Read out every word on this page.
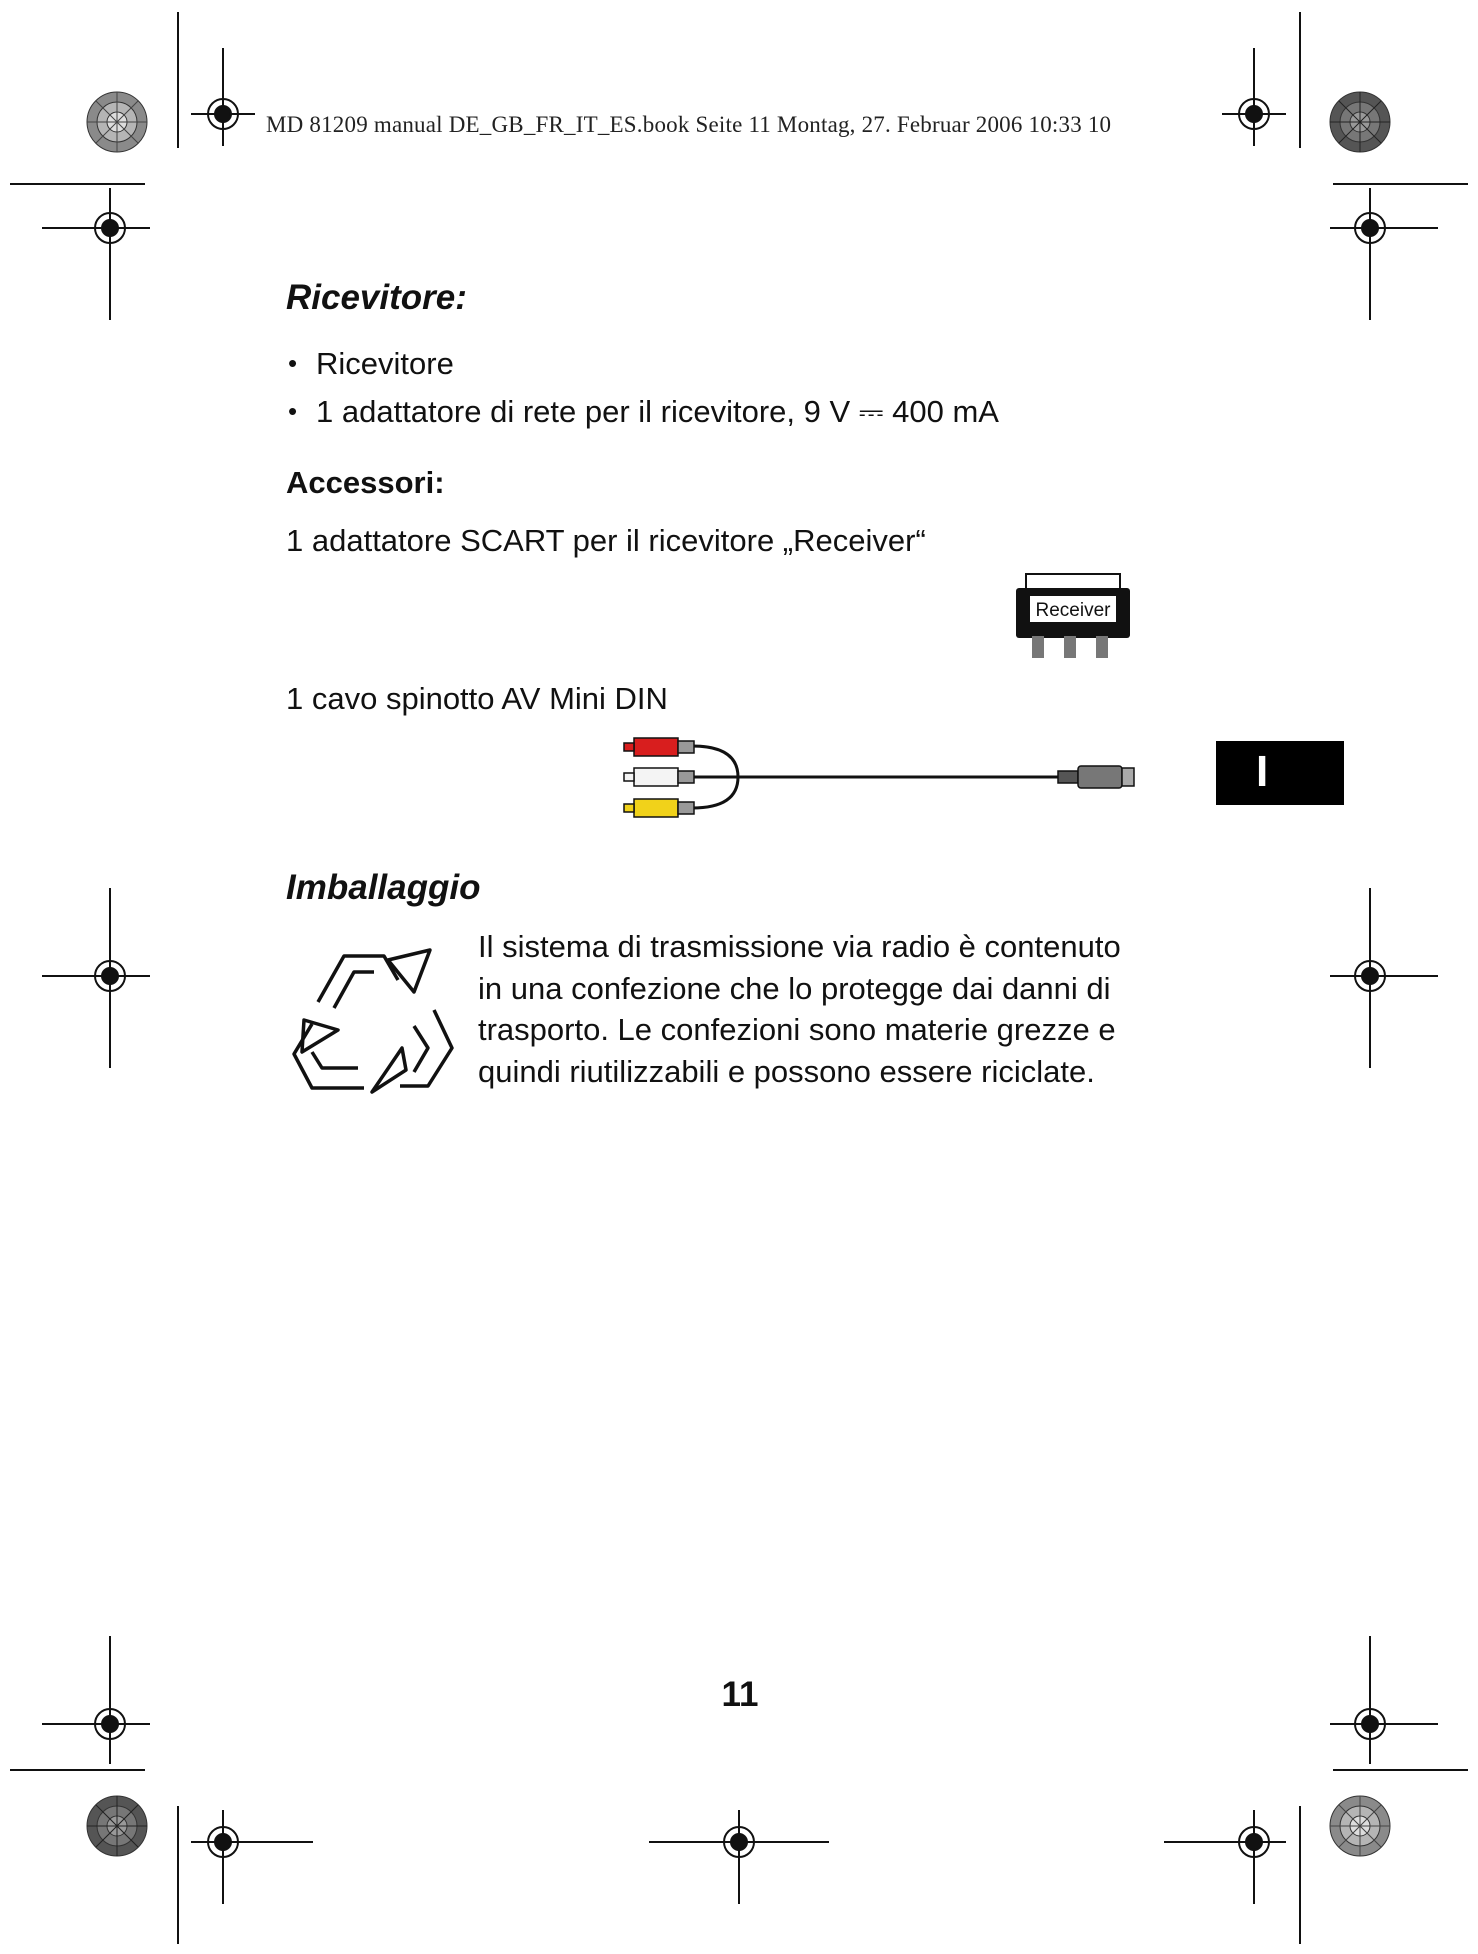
MD 81209 manual DE_GB_FR_IT_ES.book Seite 11 Montag, 27. Februar 2006 10:33 10
Ricevitore:
• Ricevitore
• 1 adattatore di rete per il ricevitore, 9 V ⎓ 400 mA
Accessori:
1 adattatore SCART per il ricevitore „Receiver“
Receiver
1 cavo spinotto AV Mini DIN
I
Imballaggio

Il sistema di trasmissione via radio è contenuto

in una confezione che lo protegge dai danni di

trasporto. Le confezioni sono materie grezze e

quindi riutilizzabili e possono essere riciclate.

11
